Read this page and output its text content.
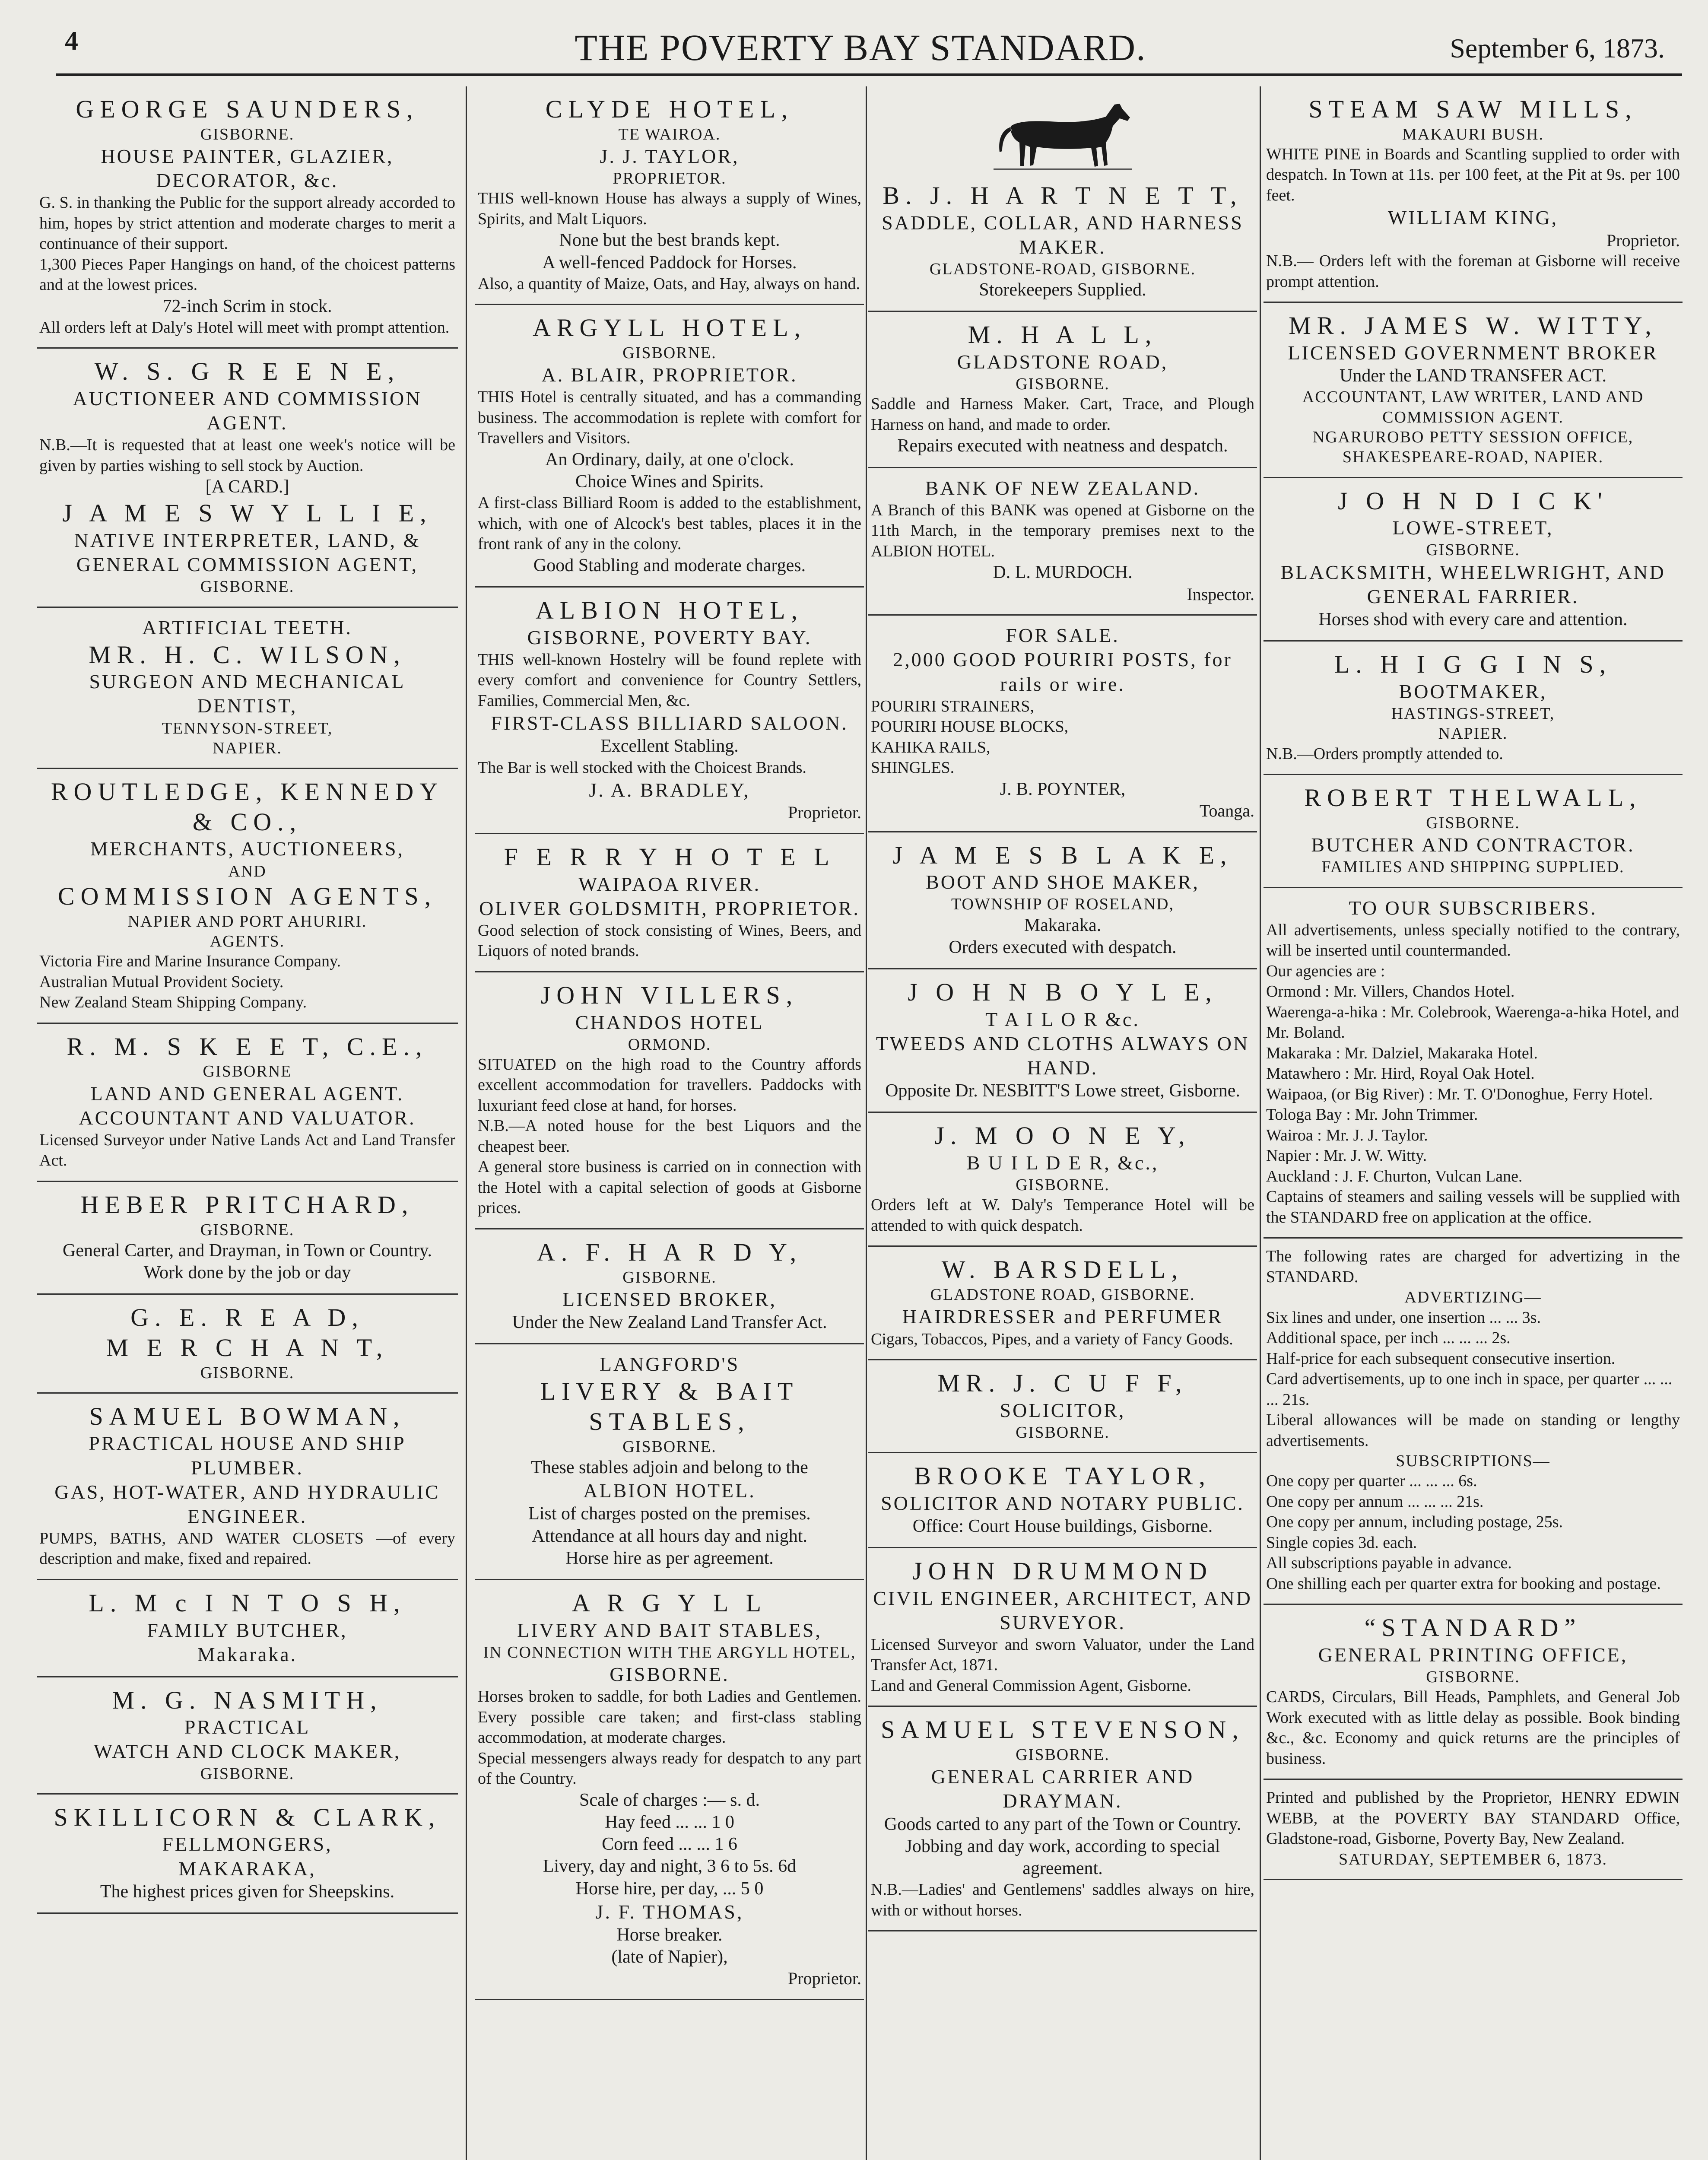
4	THE POVERTY BAY STANDARD.	September 6, 1873.
GEORGE SAUNDERS,
GISBORNE.
HOUSE PAINTER, GLAZIER, DECORATOR, &c.
G. S. in thanking the Public for the support already accorded to him, hopes by strict attention and moderate charges to merit a continuance of their support.
1,300 Pieces Paper Hangings on hand, of the choicest patterns and at the lowest prices.
72-inch Scrim in stock.
All orders left at Daly's Hotel will meet with prompt attention.
W. S. G R E E N E,
AUCTIONEER AND COMMISSION AGENT.
N.B.—It is requested that at least one week's notice will be given by parties wishing to sell stock by Auction.
[A CARD.]
J A M E S W Y L L I E,
NATIVE INTERPRETER, LAND, & GENERAL COMMISSION AGENT,
GISBORNE.
ARTIFICIAL TEETH.
MR. H. C. WILSON,
SURGEON AND MECHANICAL DENTIST,
TENNYSON-STREET,
NAPIER.
ROUTLEDGE, KENNEDY & CO.,
MERCHANTS, AUCTIONEERS,
AND
COMMISSION AGENTS,
NAPIER AND PORT AHURIRI.
AGENTS.
Victoria Fire and Marine Insurance Company.
Australian Mutual Provident Society.
New Zealand Steam Shipping Company.
R. M. S K E E T, C.E.,
GISBORNE
LAND AND GENERAL AGENT.
ACCOUNTANT AND VALUATOR.
Licensed Surveyor under Native Lands Act and Land Transfer Act.
HEBER PRITCHARD,
GISBORNE.
General Carter, and Drayman, in Town or Country.
Work done by the job or day
G. E. R E A D,
M E R C H A N T,
GISBORNE.
SAMUEL BOWMAN,
PRACTICAL HOUSE AND SHIP PLUMBER.
GAS, HOT-WATER, AND HYDRAULIC ENGINEER.
PUMPS, BATHS, AND WATER CLOSETS —of every description and make, fixed and repaired.
L. M c I N T O S H,
FAMILY BUTCHER,
Makaraka.
M. G. NASMITH,
PRACTICAL
WATCH AND CLOCK MAKER,
GISBORNE.
SKILLICORN & CLARK,
FELLMONGERS,
MAKARAKA,
The highest prices given for Sheepskins.
CLYDE HOTEL,
TE WAIROA.
J. J. TAYLOR,
PROPRIETOR.
THIS well-known House has always a supply of Wines, Spirits, and Malt Liquors.
None but the best brands kept.
A well-fenced Paddock for Horses.
Also, a quantity of Maize, Oats, and Hay, always on hand.
ARGYLL HOTEL,
GISBORNE.
A. BLAIR, PROPRIETOR.
THIS Hotel is centrally situated, and has a commanding business. The accommodation is replete with comfort for Travellers and Visitors.
An Ordinary, daily, at one o'clock.
Choice Wines and Spirits.
A first-class Billiard Room is added to the establishment, which, with one of Alcock's best tables, places it in the front rank of any in the colony.
Good Stabling and moderate charges.
ALBION HOTEL,
GISBORNE, POVERTY BAY.
THIS well-known Hostelry will be found replete with every comfort and convenience for Country Settlers, Families, Commercial Men, &c.
FIRST-CLASS BILLIARD SALOON.
Excellent Stabling.
The Bar is well stocked with the Choicest Brands.
J. A. BRADLEY,
Proprietor.
F E R R Y H O T E L
WAIPAOA RIVER.
OLIVER GOLDSMITH, PROPRIETOR.
Good selection of stock consisting of Wines, Beers, and Liquors of noted brands.
JOHN VILLERS,
CHANDOS HOTEL
ORMOND.
SITUATED on the high road to the Country affords excellent accommodation for travellers. Paddocks with luxuriant feed close at hand, for horses.
N.B.—A noted house for the best Liquors and the cheapest beer.
A general store business is carried on in connection with the Hotel with a capital selection of goods at Gisborne prices.
A. F. H A R D Y,
GISBORNE.
LICENSED BROKER,
Under the New Zealand Land Transfer Act.
LANGFORD'S
LIVERY & BAIT STABLES,
GISBORNE.
These stables adjoin and belong to the
ALBION HOTEL.
List of charges posted on the premises.
Attendance at all hours day and night.
Horse hire as per agreement.
A R G Y L L
LIVERY AND BAIT STABLES,
IN CONNECTION WITH THE ARGYLL HOTEL,
GISBORNE.
Horses broken to saddle, for both Ladies and Gentlemen. Every possible care taken; and first-class stabling accommodation, at moderate charges.
Special messengers always ready for despatch to any part of the Country.
Scale of charges :— s. d.
Hay feed ... ... 1 0
Corn feed ... ... 1 6
Livery, day and night, 3 6 to 5s. 6d
Horse hire, per day, ... 5 0
J. F. THOMAS,
Horse breaker.
(late of Napier),
Proprietor.
B. J. H A R T N E T T,
SADDLE, COLLAR, AND HARNESS MAKER.
GLADSTONE-ROAD, GISBORNE.
Storekeepers Supplied.
M. H A L L,
GLADSTONE ROAD,
GISBORNE.
Saddle and Harness Maker. Cart, Trace, and Plough Harness on hand, and made to order.
Repairs executed with neatness and despatch.
BANK OF NEW ZEALAND.
A Branch of this BANK was opened at Gisborne on the 11th March, in the temporary premises next to the ALBION HOTEL.
D. L. MURDOCH.
Inspector.
FOR SALE.
2,000 GOOD POURIRI POSTS, for rails or wire.
POURIRI STRAINERS,
POURIRI HOUSE BLOCKS,
KAHIKA RAILS,
SHINGLES.
J. B. POYNTER,
Toanga.
J A M E S B L A K E,
BOOT AND SHOE MAKER,
TOWNSHIP OF ROSELAND,
Makaraka.
Orders executed with despatch.
J O H N B O Y L E,
T A I L O R &c.
TWEEDS AND CLOTHS ALWAYS ON HAND.
Opposite Dr. NESBITT'S Lowe street, Gisborne.
J. M O O N E Y,
B U I L D E R, &c.,
GISBORNE.
Orders left at W. Daly's Temperance Hotel will be attended to with quick despatch.
W. BARSDELL,
GLADSTONE ROAD, GISBORNE.
HAIRDRESSER and PERFUMER
Cigars, Tobaccos, Pipes, and a variety of Fancy Goods.
MR. J. C U F F,
SOLICITOR,
GISBORNE.
BROOKE TAYLOR,
SOLICITOR AND NOTARY PUBLIC.
Office: Court House buildings, Gisborne.
JOHN DRUMMOND
CIVIL ENGINEER, ARCHITECT, AND SURVEYOR.
Licensed Surveyor and sworn Valuator, under the Land Transfer Act, 1871.
Land and General Commission Agent, Gisborne.
SAMUEL STEVENSON,
GISBORNE.
GENERAL CARRIER AND DRAYMAN.
Goods carted to any part of the Town or Country.
Jobbing and day work, according to special agreement.
N.B.—Ladies' and Gentlemens' saddles always on hire, with or without horses.
STEAM SAW MILLS,
MAKAURI BUSH.
WHITE PINE in Boards and Scantling supplied to order with despatch. In Town at 11s. per 100 feet, at the Pit at 9s. per 100 feet.
WILLIAM KING,
Proprietor.
N.B.— Orders left with the foreman at Gisborne will receive prompt attention.
MR. JAMES W. WITTY,
LICENSED GOVERNMENT BROKER
Under the LAND TRANSFER ACT.
ACCOUNTANT, LAW WRITER, LAND AND COMMISSION AGENT.
NGARUROBO PETTY SESSION OFFICE,
SHAKESPEARE-ROAD, NAPIER.
J O H N D I C K'
LOWE-STREET,
GISBORNE.
BLACKSMITH, WHEELWRIGHT, AND GENERAL FARRIER.
Horses shod with every care and attention.
L. H I G G I N S,
BOOTMAKER,
HASTINGS-STREET,
NAPIER.
N.B.—Orders promptly attended to.
ROBERT THELWALL,
GISBORNE.
BUTCHER AND CONTRACTOR.
FAMILIES AND SHIPPING SUPPLIED.
TO OUR SUBSCRIBERS.
All advertisements, unless specially notified to the contrary, will be inserted until countermanded.
Our agencies are :
Ormond : Mr. Villers, Chandos Hotel.
Waerenga-a-hika : Mr. Colebrook, Waerenga-a-hika Hotel, and Mr. Boland.
Makaraka : Mr. Dalziel, Makaraka Hotel.
Matawhero : Mr. Hird, Royal Oak Hotel.
Waipaoa, (or Big River) : Mr. T. O'Donoghue, Ferry Hotel.
Tologa Bay : Mr. John Trimmer.
Wairoa : Mr. J. J. Taylor.
Napier : Mr. J. W. Witty.
Auckland : J. F. Churton, Vulcan Lane.
Captains of steamers and sailing vessels will be supplied with the STANDARD free on application at the office.
The following rates are charged for advertizing in the STANDARD.
ADVERTIZING—
Six lines and under, one insertion ... ... 3s.
Additional space, per inch ... ... ... 2s.
Half-price for each subsequent consecutive insertion.
Card advertisements, up to one inch in space, per quarter ... ... ... 21s.
Liberal allowances will be made on standing or lengthy advertisements.
SUBSCRIPTIONS—
One copy per quarter ... ... ... 6s.
One copy per annum ... ... ... 21s.
One copy per annum, including postage, 25s.
Single copies 3d. each.
All subscriptions payable in advance.
One shilling each per quarter extra for booking and postage.
“STANDARD”
GENERAL PRINTING OFFICE,
GISBORNE.
CARDS, Circulars, Bill Heads, Pamphlets, and General Job Work executed with as little delay as possible. Book binding &c., &c. Economy and quick returns are the principles of business.
Printed and published by the Proprietor, HENRY EDWIN WEBB, at the POVERTY BAY STANDARD Office, Gladstone-road, Gisborne, Poverty Bay, New Zealand.
SATURDAY, SEPTEMBER 6, 1873.
